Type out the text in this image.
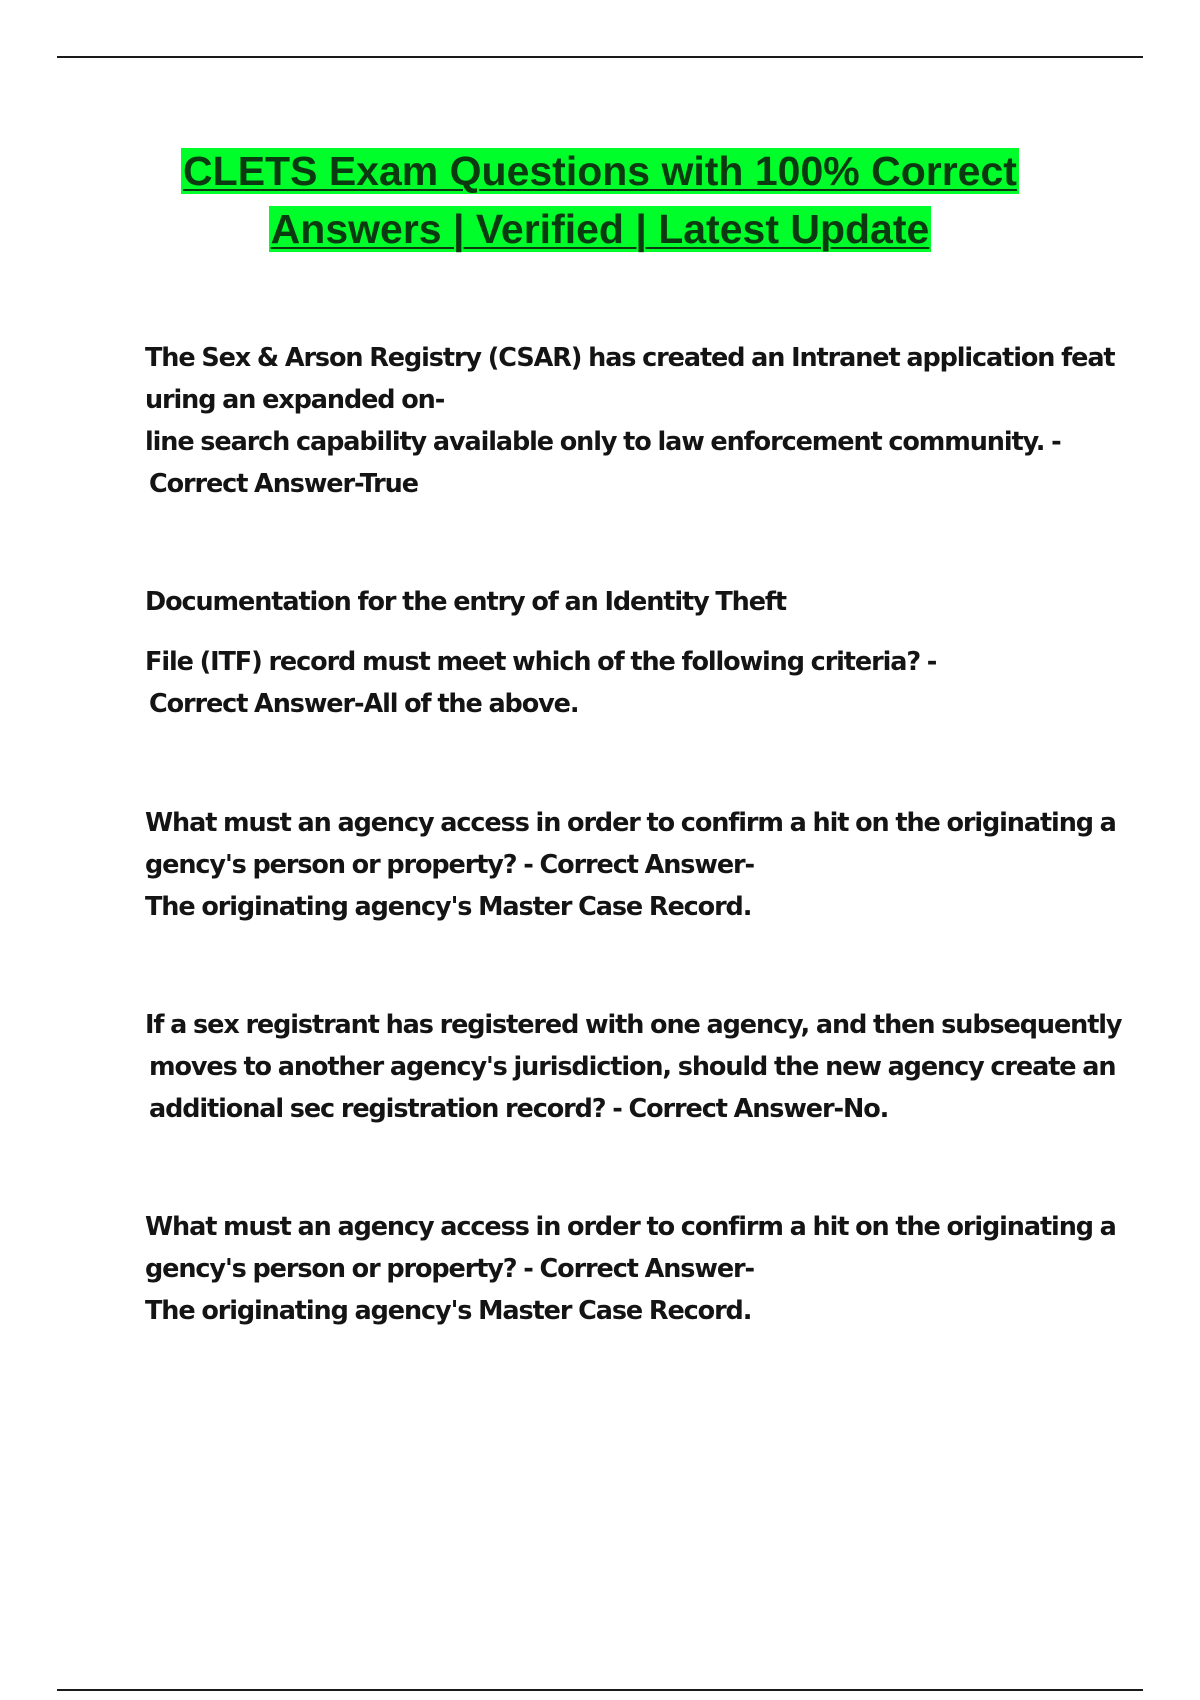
CLETS Exam Questions with 100% Correct
Answers | Verified | Latest Update
The Sex & Arson Registry (CSAR) has created an Intranet application feat
uring an expanded on-
line search capability available only to law enforcement community. -
Correct Answer-True
Documentation for the entry of an Identity Theft
File (ITF) record must meet which of the following criteria? -
Correct Answer-All of the above.
What must an agency access in order to confirm a hit on the originating a
gency's person or property? - Correct Answer-
The originating agency's Master Case Record.
If a sex registrant has registered with one agency, and then subsequently
moves to another agency's jurisdiction, should the new agency create an
additional sec registration record? - Correct Answer-No.
What must an agency access in order to confirm a hit on the originating a
gency's person or property? - Correct Answer-
The originating agency's Master Case Record.
